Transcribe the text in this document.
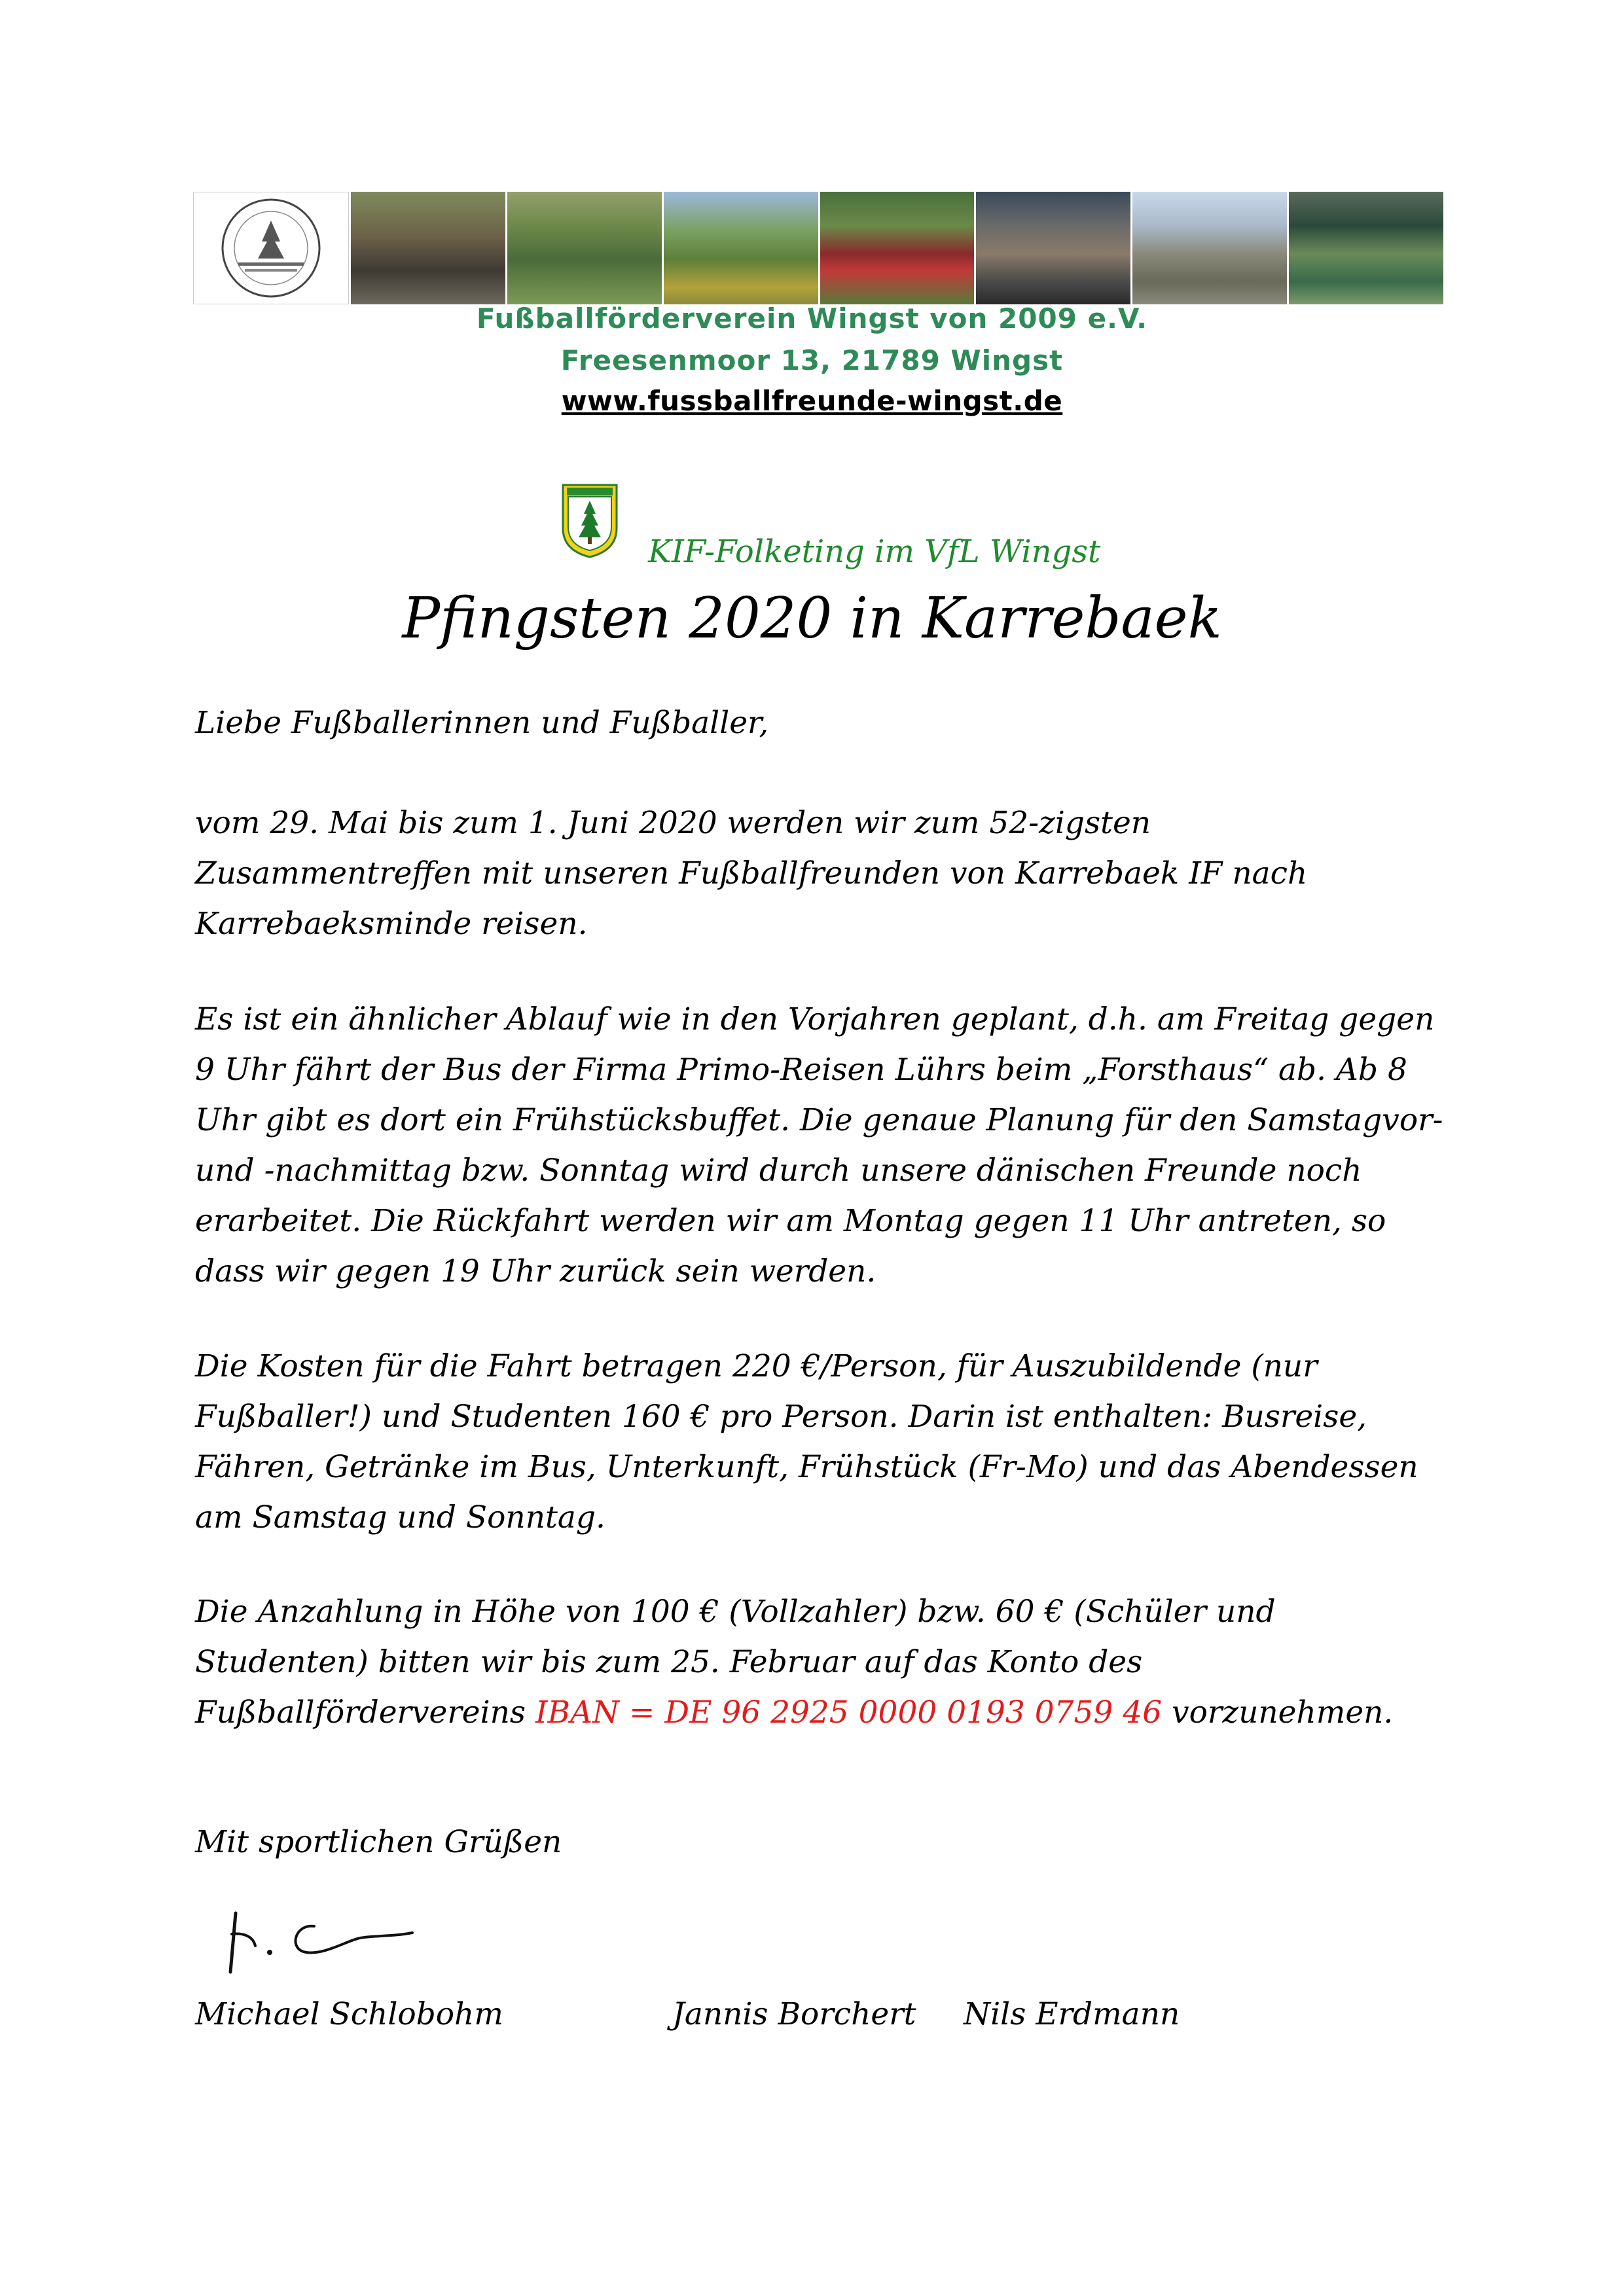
Fußballförderverein Wingst von 2009 e.V.
Freesenmoor 13, 21789 Wingst
www.fussballfreunde-wingst.de
KIF-Folketing im VfL Wingst
Pfingsten 2020 in Karrebaek
Liebe Fußballerinnen und Fußballer,
vom 29. Mai bis zum 1. Juni 2020 werden wir zum 52-zigsten
Zusammentreffen mit unseren Fußballfreunden von Karrebaek IF nach
Karrebaeksminde reisen.
Es ist ein ähnlicher Ablauf wie in den Vorjahren geplant, d.h. am Freitag gegen
9 Uhr fährt der Bus der Firma Primo-Reisen Lührs beim „Forsthaus“ ab. Ab 8
Uhr gibt es dort ein Frühstücksbuffet. Die genaue Planung für den Samstagvor-
und -nachmittag bzw. Sonntag wird durch unsere dänischen Freunde noch
erarbeitet. Die Rückfahrt werden wir am Montag gegen 11 Uhr antreten, so
dass wir gegen 19 Uhr zurück sein werden.
Die Kosten für die Fahrt betragen 220 €/Person, für Auszubildende (nur
Fußballer!) und Studenten 160 € pro Person. Darin ist enthalten: Busreise,
Fähren, Getränke im Bus, Unterkunft, Frühstück (Fr-Mo) und das Abendessen
am Samstag und Sonntag.
Die Anzahlung in Höhe von 100 € (Vollzahler) bzw. 60 € (Schüler und
Studenten) bitten wir bis zum 25. Februar auf das Konto des
Fußballfördervereins IBAN = DE 96 2925 0000 0193 0759 46 vorzunehmen.
Mit sportlichen Grüßen
Michael Schlobohm	Jannis Borchert Nils Erdmann
